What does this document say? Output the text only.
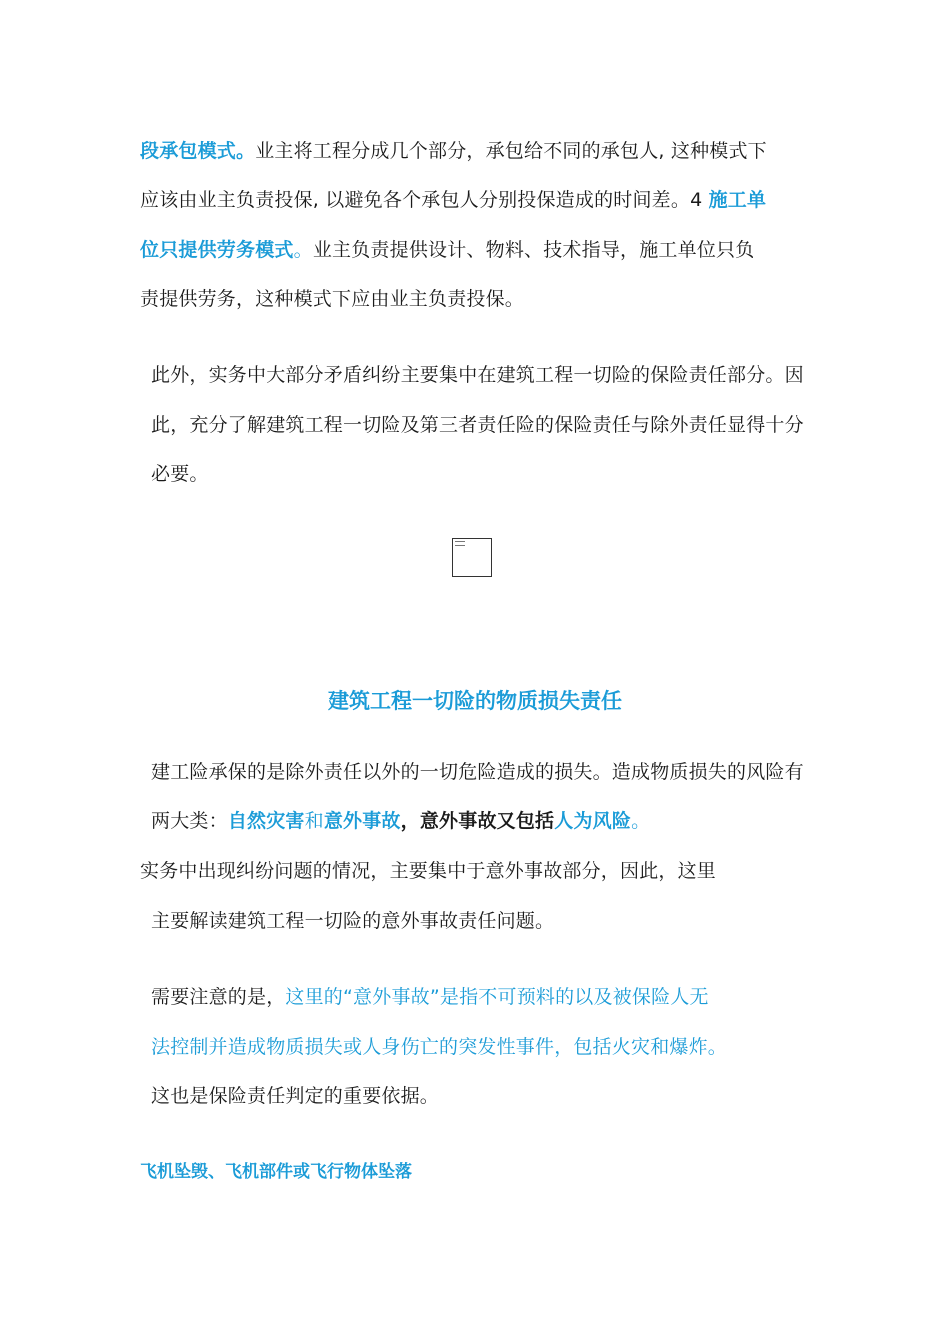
段承包模式。业主将工程分成几个部分，承包给不同的承包人, 这种模式下
应该由业主负责投保, 以避免各个承包人分别投保造成的时间差。4 施工单
位只提供劳务模式。业主负责提供设计、物料、技术指导，施工单位只负
责提供劳务，这种模式下应由业主负责投保。
此外，实务中大部分矛盾纠纷主要集中在建筑工程一切险的保险责任部分。因
此，充分了解建筑工程一切险及第三者责任险的保险责任与除外责任显得十分
必要。
建筑工程一切险的物质损失责任
建工险承保的是除外责任以外的一切危险造成的损失。造成物质损失的风险有
两大类：自然灾害和意外事故，意外事故又包括人为风险。
实务中出现纠纷问题的情况，主要集中于意外事故部分，因此，这里
主要解读建筑工程一切险的意外事故责任问题。
需要注意的是，这里的“意外事故”是指不可预料的以及被保险人无
法控制并造成物质损失或人身伤亡的突发性事件，包括火灾和爆炸。
这也是保险责任判定的重要依据。
飞机坠毁、飞机部件或飞行物体坠落
